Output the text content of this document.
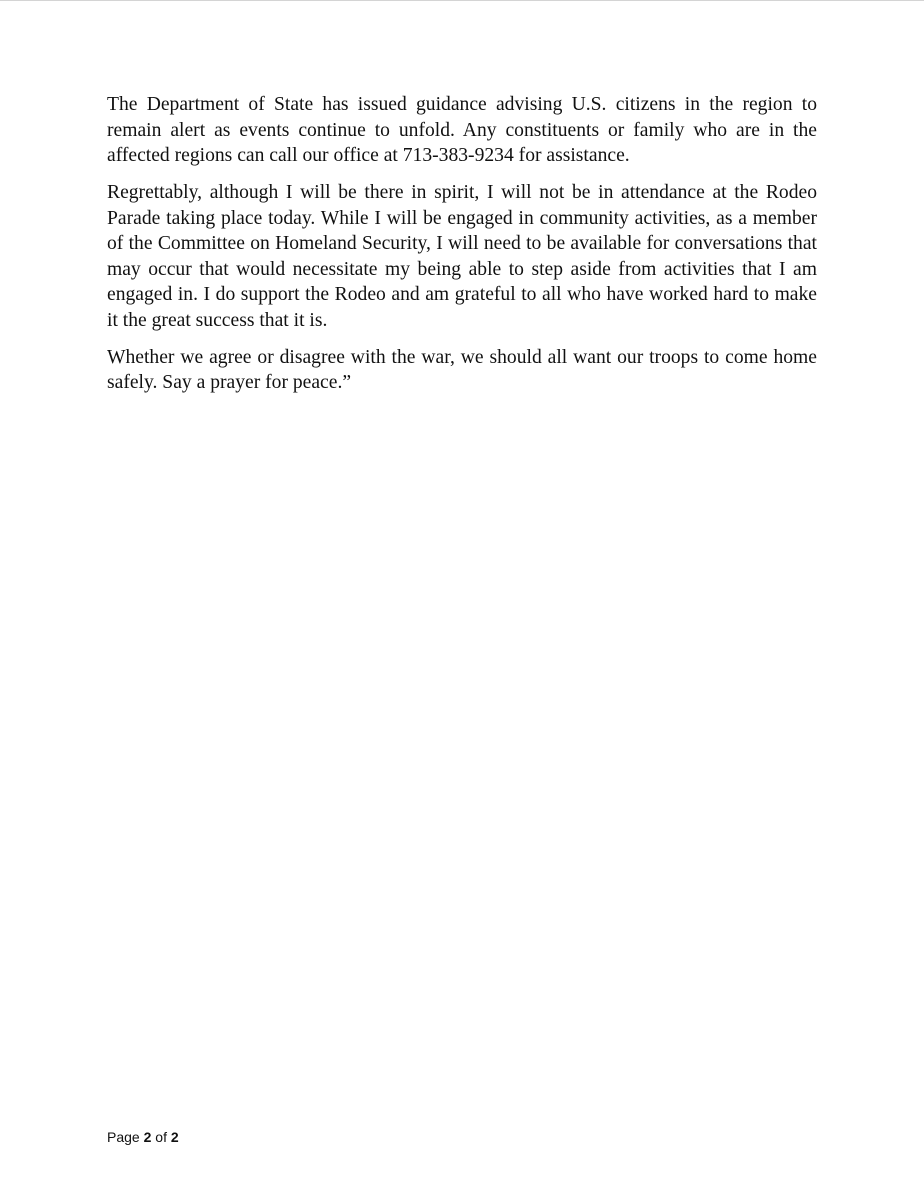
The Department of State has issued guidance advising U.S. citizens in the region to remain alert as events continue to unfold. Any constituents or family who are in the affected regions can call our office at 713-383-9234 for assistance.

Regrettably, although I will be there in spirit, I will not be in attendance at the Rodeo Parade taking place today. While I will be engaged in community activities, as a member of the Committee on Homeland Security, I will need to be available for conversations that may occur that would necessitate my being able to step aside from activities that I am engaged in. I do support the Rodeo and am grateful to all who have worked hard to make it the great success that it is.

Whether we agree or disagree with the war, we should all want our troops to come home safely. Say a prayer for peace.”

Page 2 of 2
